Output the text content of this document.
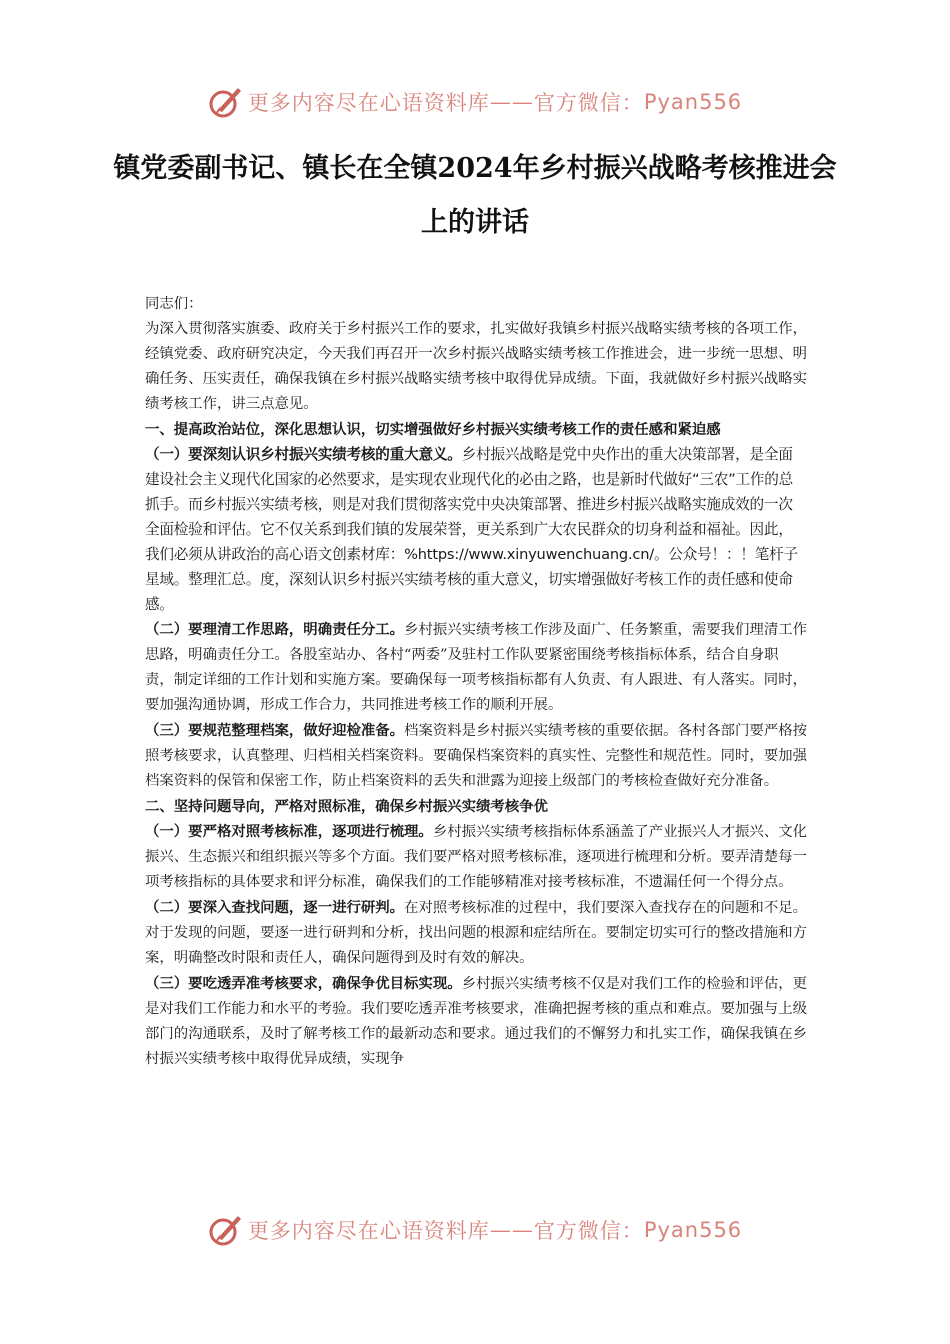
更多内容尽在心语资料库 —— 官方微信： Pyan556
镇党委副书记、镇长在全镇2024年乡村振兴战略考核推进会上的讲话

同志们：

为深入贯彻落实旗委、政府关于乡村振兴工作的要求，扎实做好我镇乡村振兴战略实绩考核的各项工作，经镇党委、政府研究决定，今天我们再召开一次乡村振兴战略实绩考核工作推进会，进一步统一思想、明确任务、压实责任，确保我镇在乡村振兴战略实绩考核中取得优异成绩。下面，我就做好乡村振兴战略实绩考核工作，讲三点意见。

一、提高政治站位，深化思想认识，切实增强做好乡村振兴实绩考核工作的责任感和紧迫感

（一）要深刻认识乡村振兴实绩考核的重大意义。乡村振兴战略是党中央作出的重大决策部署，是全面建设社会主义现代化国家的必然要求，是实现农业现代化的必由之路，也是新时代做好“三农”工作的总抓手。而乡村振兴实绩考核，则是对我们贯彻落实党中央决策部署、推进乡村振兴战略实施成效的一次全面检验和评估。它不仅关系到我们镇的发展荣誉，更关系到广大农民群众的切身利益和福祉。因此，我们必须从讲政治的高心语文创素材库：%https://www.xinyuwenchuang.cn/。公众号！：！笔杆子星域。整理汇总。度，深刻认识乡村振兴实绩考核的重大意义，切实增强做好考核工作的责任感和使命感。

（二）要理清工作思路，明确责任分工。乡村振兴实绩考核工作涉及面广、任务繁重，需要我们理清工作思路，明确责任分工。各股室站办、各村“两委”及驻村工作队要紧密围绕考核指标体系，结合自身职责，制定详细的工作计划和实施方案。要确保每一项考核指标都有人负责、有人跟进、有人落实。同时，要加强沟通协调，形成工作合力，共同推进考核工作的顺利开展。

（三）要规范整理档案，做好迎检准备。档案资料是乡村振兴实绩考核的重要依据。各村各部门要严格按照考核要求，认真整理、归档相关档案资料。要确保档案资料的真实性、完整性和规范性。同时，要加强档案资料的保管和保密工作，防止档案资料的丢失和泄露为迎接上级部门的考核检查做好充分准备。

二、坚持问题导向，严格对照标准，确保乡村振兴实绩考核争优

（一）要严格对照考核标准，逐项进行梳理。乡村振兴实绩考核指标体系涵盖了产业振兴人才振兴、文化振兴、生态振兴和组织振兴等多个方面。我们要严格对照考核标准，逐项进行梳理和分析。要弄清楚每一项考核指标的具体要求和评分标准，确保我们的工作能够精准对接考核标准，不遗漏任何一个得分点。

（二）要深入查找问题，逐一进行研判。在对照考核标准的过程中，我们要深入查找存在的问题和不足。对于发现的问题，要逐一进行研判和分析，找出问题的根源和症结所在。要制定切实可行的整改措施和方案，明确整改时限和责任人，确保问题得到及时有效的解决。

（三）要吃透弄准考核要求，确保争优目标实现。乡村振兴实绩考核不仅是对我们工作的检验和评估，更是对我们工作能力和水平的考验。我们要吃透弄准考核要求，准确把握考核的重点和难点。要加强与上级部门的沟通联系，及时了解考核工作的最新动态和要求。通过我们的不懈努力和扎实工作，确保我镇在乡村振兴实绩考核中取得优异成绩，实现争

更多内容尽在心语资料库 —— 官方微信： Pyan556
